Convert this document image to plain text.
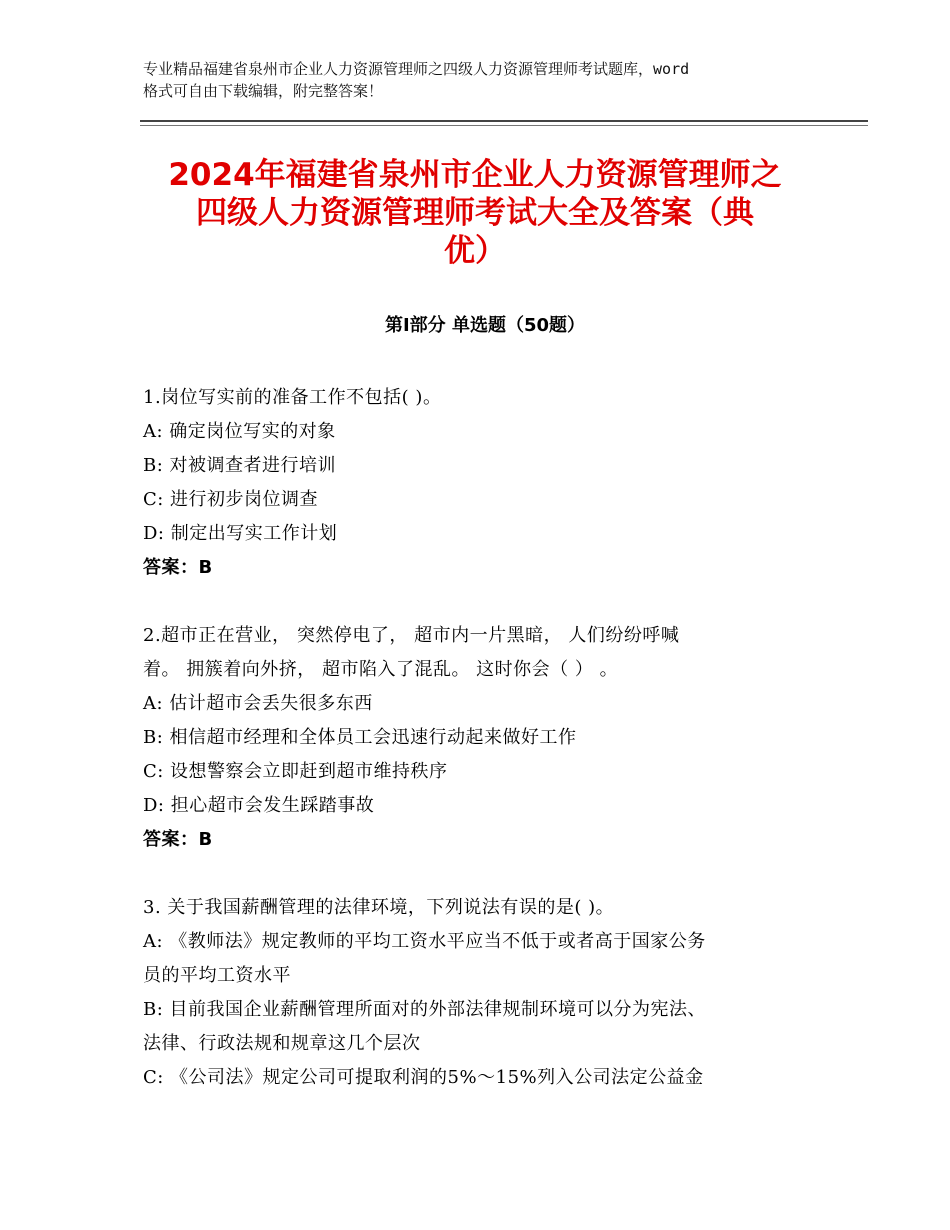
专业精品福建省泉州市企业人力资源管理师之四级人力资源管理师考试题库，word
格式可自由下载编辑，附完整答案！
2024年福建省泉州市企业人力资源管理师之
四级人力资源管理师考试大全及答案（典
优）
第Ⅰ部分 单选题（50题）

1.岗位写实前的准备工作不包括( )。

A: 确定岗位写实的对象

B: 对被调查者进行培训

C: 进行初步岗位调查

D: 制定出写实工作计划

答案：B

2.超市正在营业， 突然停电了， 超市内一片黑暗， 人们纷纷呼喊

着。 拥簇着向外挤， 超市陷入了混乱。 这时你会（ ） 。

A: 估计超市会丢失很多东西

B: 相信超市经理和全体员工会迅速行动起来做好工作

C: 设想警察会立即赶到超市维持秩序

D: 担心超市会发生踩踏事故

答案：B

3. 关于我国薪酬管理的法律环境，下列说法有误的是( )。

A: 《教师法》规定教师的平均工资水平应当不低于或者高于国家公务

员的平均工资水平

B: 目前我国企业薪酬管理所面对的外部法律规制环境可以分为宪法、

法律、行政法规和规章这几个层次

C: 《公司法》规定公司可提取利润的5%～15%列入公司法定公益金
